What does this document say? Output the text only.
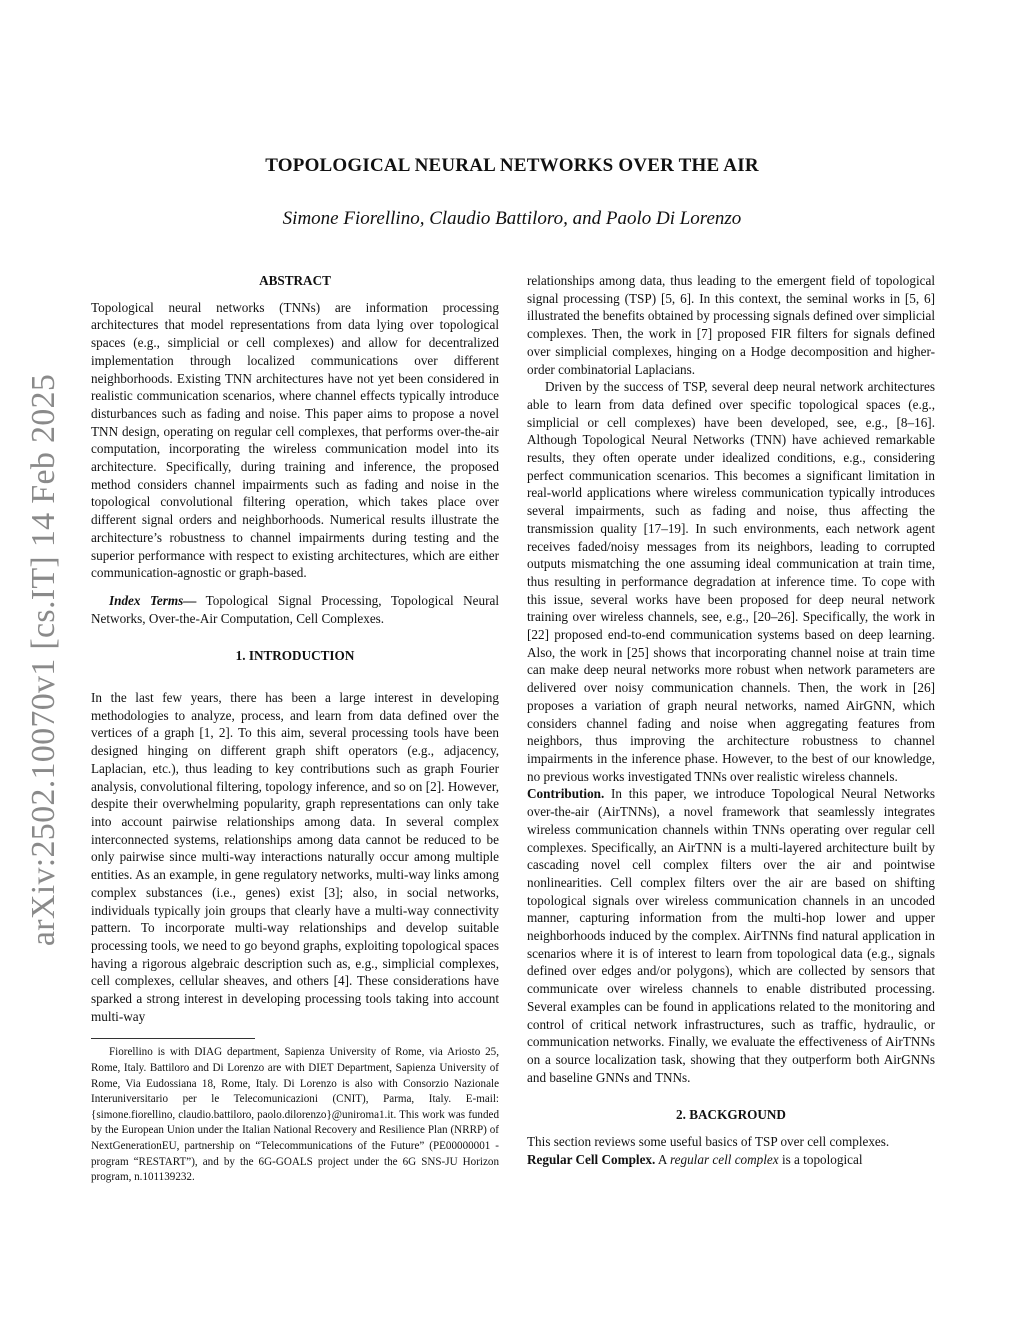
arXiv:2502.10070v1 [cs.IT] 14 Feb 2025
TOPOLOGICAL NEURAL NETWORKS OVER THE AIR
Simone Fiorellino, Claudio Battiloro, and Paolo Di Lorenzo
ABSTRACT

Topological neural networks (TNNs) are information processing architectures that model representations from data lying over topological spaces (e.g., simplicial or cell complexes) and allow for decentralized implementation through localized communications over different neighborhoods. Existing TNN architectures have not yet been considered in realistic communication scenarios, where channel effects typically introduce disturbances such as fading and noise. This paper aims to propose a novel TNN design, operating on regular cell complexes, that performs over-the-air computation, incorporating the wireless communication model into its architecture. Specifically, during training and inference, the proposed method considers channel impairments such as fading and noise in the topological convolutional filtering operation, which takes place over different signal orders and neighborhoods. Numerical results illustrate the architecture’s robustness to channel impairments during testing and the superior performance with respect to existing architectures, which are either communication-agnostic or graph-based.

Index Terms— Topological Signal Processing, Topological Neural Networks, Over-the-Air Computation, Cell Complexes.

1. INTRODUCTION

In the last few years, there has been a large interest in developing methodologies to analyze, process, and learn from data defined over the vertices of a graph [1, 2]. To this aim, several processing tools have been designed hinging on different graph shift operators (e.g., adjacency, Laplacian, etc.), thus leading to key contributions such as graph Fourier analysis, convolutional filtering, topology inference, and so on [2]. However, despite their overwhelming popularity, graph representations can only take into account pairwise relationships among data. In several complex interconnected systems, relationships among data cannot be reduced to be only pairwise since multi-way interactions naturally occur among multiple entities. As an example, in gene regulatory networks, multi-way links among complex substances (i.e., genes) exist [3]; also, in social networks, individuals typically join groups that clearly have a multi-way connectivity pattern. To incorporate multi-way relationships and develop suitable processing tools, we need to go beyond graphs, exploiting topological spaces having a rigorous algebraic description such as, e.g., simplicial complexes, cell complexes, cellular sheaves, and others [4]. These considerations have sparked a strong interest in developing processing tools taking into account multi-way

Fiorellino is with DIAG department, Sapienza University of Rome, via Ariosto 25, Rome, Italy. Battiloro and Di Lorenzo are with DIET Department, Sapienza University of Rome, Via Eudossiana 18, Rome, Italy. Di Lorenzo is also with Consorzio Nazionale Interuniversitario per le Telecomunicazioni (CNIT), Parma, Italy. E-mail: {simone.fiorellino, claudio.battiloro, paolo.dilorenzo}@uniroma1.it. This work was funded by the European Union under the Italian National Recovery and Resilience Plan (NRRP) of NextGenerationEU, partnership on “Telecommunications of the Future” (PE00000001 - program “RESTART”), and by the 6G-GOALS project under the 6G SNS-JU Horizon program, n.101139232.

relationships among data, thus leading to the emergent field of topological signal processing (TSP) [5, 6]. In this context, the seminal works in [5, 6] illustrated the benefits obtained by processing signals defined over simplicial complexes. Then, the work in [7] proposed FIR filters for signals defined over simplicial complexes, hinging on a Hodge decomposition and higher-order combinatorial Laplacians.

Driven by the success of TSP, several deep neural network architectures able to learn from data defined over specific topological spaces (e.g., simplicial or cell complexes) have been developed, see, e.g., [8–16]. Although Topological Neural Networks (TNN) have achieved remarkable results, they often operate under idealized conditions, e.g., considering perfect communication scenarios. This becomes a significant limitation in real-world applications where wireless communication typically introduces several impairments, such as fading and noise, thus affecting the transmission quality [17–19]. In such environments, each network agent receives faded/noisy messages from its neighbors, leading to corrupted outputs mismatching the one assuming ideal communication at train time, thus resulting in performance degradation at inference time. To cope with this issue, several works have been proposed for deep neural network training over wireless channels, see, e.g., [20–26]. Specifically, the work in [22] proposed end-to-end communication systems based on deep learning. Also, the work in [25] shows that incorporating channel noise at train time can make deep neural networks more robust when network parameters are delivered over noisy communication channels. Then, the work in [26] proposes a variation of graph neural networks, named AirGNN, which considers channel fading and noise when aggregating features from neighbors, thus improving the architecture robustness to channel impairments in the inference phase. However, to the best of our knowledge, no previous works investigated TNNs over realistic wireless channels.

Contribution. In this paper, we introduce Topological Neural Networks over-the-air (AirTNNs), a novel framework that seamlessly integrates wireless communication channels within TNNs operating over regular cell complexes. Specifically, an AirTNN is a multi-layered architecture built by cascading novel cell complex filters over the air and pointwise nonlinearities. Cell complex filters over the air are based on shifting topological signals over wireless communication channels in an uncoded manner, capturing information from the multi-hop lower and upper neighborhoods induced by the complex. AirTNNs find natural application in scenarios where it is of interest to learn from topological data (e.g., signals defined over edges and/or polygons), which are collected by sensors that communicate over wireless channels to enable distributed processing. Several examples can be found in applications related to the monitoring and control of critical network infrastructures, such as traffic, hydraulic, or communication networks. Finally, we evaluate the effectiveness of AirTNNs on a source localization task, showing that they outperform both AirGNNs and baseline GNNs and TNNs.

2. BACKGROUND

This section reviews some useful basics of TSP over cell complexes.

Regular Cell Complex. A regular cell complex is a topological
